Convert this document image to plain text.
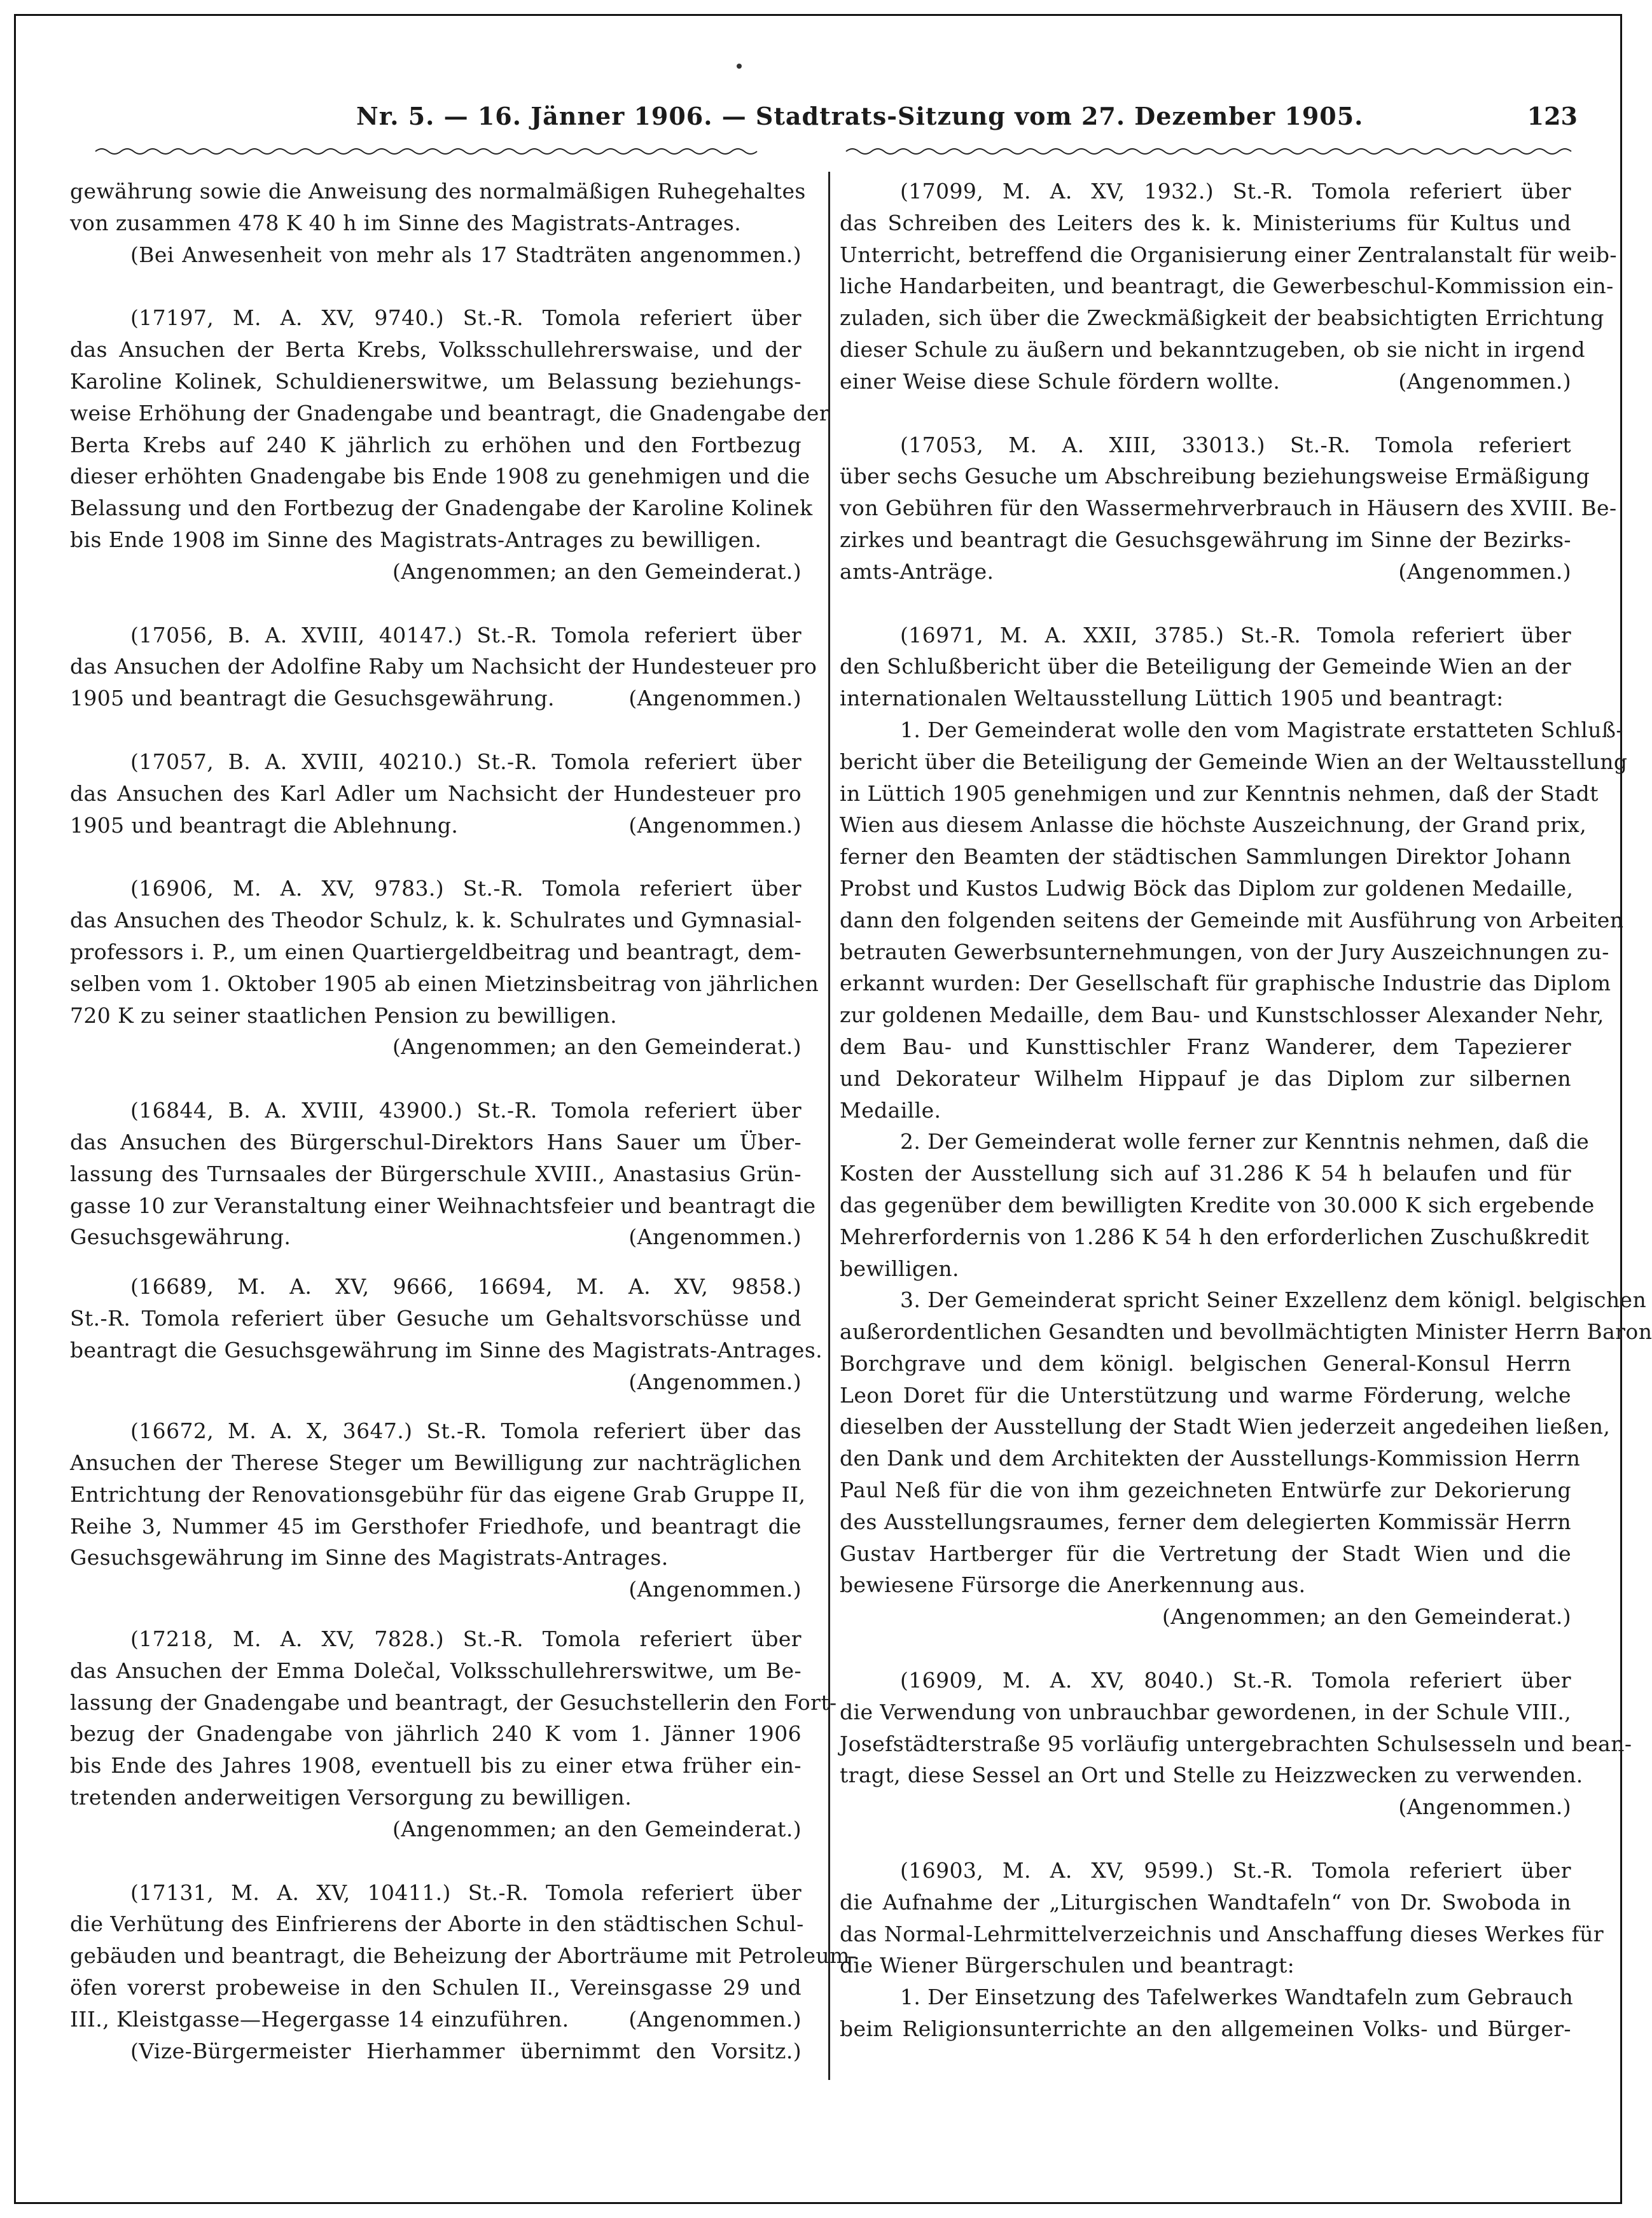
Nr. 5. — 16. Jänner 1906. — Stadtrats-Sitzung vom 27. Dezember 1905.	123
gewährung sowie die Anweisung des normalmäßigen Ruhegehaltes
von zusammen 478 K 40 h im Sinne des Magistrats-Antrages.
(Bei Anwesenheit von mehr als 17 Stadträten angenommen.)
(17197, M. A. XV, 9740.) St.-R. Tomola referiert über
das Ansuchen der Berta Krebs, Volksschullehrerswaise, und der
Karoline Kolinek, Schuldienerswitwe, um Belassung beziehungs-
weise Erhöhung der Gnadengabe und beantragt, die Gnadengabe der
Berta Krebs auf 240 K jährlich zu erhöhen und den Fortbezug
dieser erhöhten Gnadengabe bis Ende 1908 zu genehmigen und die
Belassung und den Fortbezug der Gnadengabe der Karoline Kolinek
bis Ende 1908 im Sinne des Magistrats-Antrages zu bewilligen.
(Angenommen; an den Gemeinderat.)
(17056, B. A. XVIII, 40147.) St.-R. Tomola referiert über
das Ansuchen der Adolfine Raby um Nachsicht der Hundesteuer pro
1905 und beantragt die Gesuchsgewährung.	(Angenommen.)
(17057, B. A. XVIII, 40210.) St.-R. Tomola referiert über
das Ansuchen des Karl Adler um Nachsicht der Hundesteuer pro
1905 und beantragt die Ablehnung.	(Angenommen.)
(16906, M. A. XV, 9783.) St.-R. Tomola referiert über
das Ansuchen des Theodor Schulz, k. k. Schulrates und Gymnasial-
professors i. P., um einen Quartiergeldbeitrag und beantragt, dem-
selben vom 1. Oktober 1905 ab einen Mietzinsbeitrag von jährlichen
720 K zu seiner staatlichen Pension zu bewilligen.
(Angenommen; an den Gemeinderat.)
(16844, B. A. XVIII, 43900.) St.-R. Tomola referiert über
das Ansuchen des Bürgerschul-Direktors Hans Sauer um Über-
lassung des Turnsaales der Bürgerschule XVIII., Anastasius Grün-
gasse 10 zur Veranstaltung einer Weihnachtsfeier und beantragt die
Gesuchsgewährung.	(Angenommen.)
(16689, M. A. XV, 9666, 16694, M. A. XV, 9858.)
St.-R. Tomola referiert über Gesuche um Gehaltsvorschüsse und
beantragt die Gesuchsgewährung im Sinne des Magistrats-Antrages.
(Angenommen.)
(16672, M. A. X, 3647.) St.-R. Tomola referiert über das
Ansuchen der Therese Steger um Bewilligung zur nachträglichen
Entrichtung der Renovationsgebühr für das eigene Grab Gruppe II,
Reihe 3, Nummer 45 im Gersthofer Friedhofe, und beantragt die
Gesuchsgewährung im Sinne des Magistrats-Antrages.
(Angenommen.)
(17218, M. A. XV, 7828.) St.-R. Tomola referiert über
das Ansuchen der Emma Dolečal, Volksschullehrerswitwe, um Be-
lassung der Gnadengabe und beantragt, der Gesuchstellerin den Fort-
bezug der Gnadengabe von jährlich 240 K vom 1. Jänner 1906
bis Ende des Jahres 1908, eventuell bis zu einer etwa früher ein-
tretenden anderweitigen Versorgung zu bewilligen.
(Angenommen; an den Gemeinderat.)
(17131, M. A. XV, 10411.) St.-R. Tomola referiert über
die Verhütung des Einfrierens der Aborte in den städtischen Schul-
gebäuden und beantragt, die Beheizung der Aborträume mit Petroleum-
öfen vorerst probeweise in den Schulen II., Vereinsgasse 29 und
III., Kleistgasse—Hegergasse 14 einzuführen.	(Angenommen.)
(Vize-Bürgermeister Hierhammer übernimmt den Vorsitz.)
(17099, M. A. XV, 1932.) St.-R. Tomola referiert über
das Schreiben des Leiters des k. k. Ministeriums für Kultus und
Unterricht, betreffend die Organisierung einer Zentralanstalt für weib-
liche Handarbeiten, und beantragt, die Gewerbeschul-Kommission ein-
zuladen, sich über die Zweckmäßigkeit der beabsichtigten Errichtung
dieser Schule zu äußern und bekanntzugeben, ob sie nicht in irgend
einer Weise diese Schule fördern wollte.	(Angenommen.)
(17053, M. A. XIII, 33013.) St.-R. Tomola referiert
über sechs Gesuche um Abschreibung beziehungsweise Ermäßigung
von Gebühren für den Wassermehrverbrauch in Häusern des XVIII. Be-
zirkes und beantragt die Gesuchsgewährung im Sinne der Bezirks-
amts-Anträge.	(Angenommen.)
(16971, M. A. XXII, 3785.) St.-R. Tomola referiert über
den Schlußbericht über die Beteiligung der Gemeinde Wien an der
internationalen Weltausstellung Lüttich 1905 und beantragt:
1. Der Gemeinderat wolle den vom Magistrate erstatteten Schluß-
bericht über die Beteiligung der Gemeinde Wien an der Weltausstellung
in Lüttich 1905 genehmigen und zur Kenntnis nehmen, daß der Stadt
Wien aus diesem Anlasse die höchste Auszeichnung, der Grand prix,
ferner den Beamten der städtischen Sammlungen Direktor Johann
Probst und Kustos Ludwig Böck das Diplom zur goldenen Medaille,
dann den folgenden seitens der Gemeinde mit Ausführung von Arbeiten
betrauten Gewerbsunternehmungen, von der Jury Auszeichnungen zu-
erkannt wurden: Der Gesellschaft für graphische Industrie das Diplom
zur goldenen Medaille, dem Bau- und Kunstschlosser Alexander Nehr,
dem Bau- und Kunsttischler Franz Wanderer, dem Tapezierer
und Dekorateur Wilhelm Hippauf je das Diplom zur silbernen
Medaille.
2. Der Gemeinderat wolle ferner zur Kenntnis nehmen, daß die
Kosten der Ausstellung sich auf 31.286 K 54 h belaufen und für
das gegenüber dem bewilligten Kredite von 30.000 K sich ergebende
Mehrerfordernis von 1.286 K 54 h den erforderlichen Zuschußkredit
bewilligen.
3. Der Gemeinderat spricht Seiner Exzellenz dem königl. belgischen
außerordentlichen Gesandten und bevollmächtigten Minister Herrn Baron
Borchgrave und dem königl. belgischen General-Konsul Herrn
Leon Doret für die Unterstützung und warme Förderung, welche
dieselben der Ausstellung der Stadt Wien jederzeit angedeihen ließen,
den Dank und dem Architekten der Ausstellungs-Kommission Herrn
Paul Neß für die von ihm gezeichneten Entwürfe zur Dekorierung
des Ausstellungsraumes, ferner dem delegierten Kommissär Herrn
Gustav Hartberger für die Vertretung der Stadt Wien und die
bewiesene Fürsorge die Anerkennung aus.
(Angenommen; an den Gemeinderat.)
(16909, M. A. XV, 8040.) St.-R. Tomola referiert über
die Verwendung von unbrauchbar gewordenen, in der Schule VIII.,
Josefstädterstraße 95 vorläufig untergebrachten Schulsesseln und bean-
tragt, diese Sessel an Ort und Stelle zu Heizzwecken zu verwenden.
(Angenommen.)
(16903, M. A. XV, 9599.) St.-R. Tomola referiert über
die Aufnahme der „Liturgischen Wandtafeln“ von Dr. Swoboda in
das Normal-Lehrmittelverzeichnis und Anschaffung dieses Werkes für
die Wiener Bürgerschulen und beantragt:
1. Der Einsetzung des Tafelwerkes Wandtafeln zum Gebrauch
beim Religionsunterrichte an den allgemeinen Volks- und Bürger-
